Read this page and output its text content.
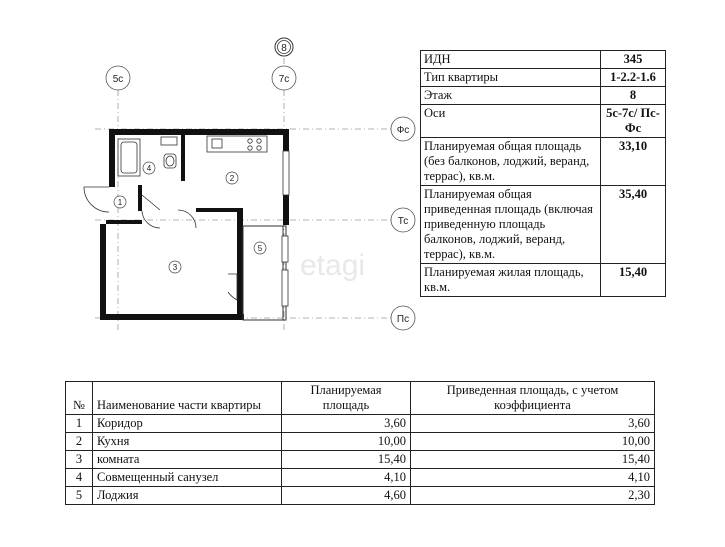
8
5с	7с
Фс
Тс
Пс
etagi
1
2
3
4
5
ИДН	345
Тип квартиры	1-2.2-1.6
Этаж	8
Оси	5с-7с/ Пс-Фс
Планируемая общая площадь (без балконов, лоджий, веранд, террас), кв.м.	33,10
Планируемая общая приведенная площадь (включая приведенную площадь балконов, лоджий, веранд, террас), кв.м.	35,40
Планируемая жилая площадь, кв.м.	15,40
№	Наименование части квартиры	Планируемая площадь	Приведенная площадь, с учетом коэффициента
1	Коридор	3,60	3,60
2	Кухня	10,00	10,00
3	комната	15,40	15,40
4	Совмещенный санузел	4,10	4,10
5	Лоджия	4,60	2,30
